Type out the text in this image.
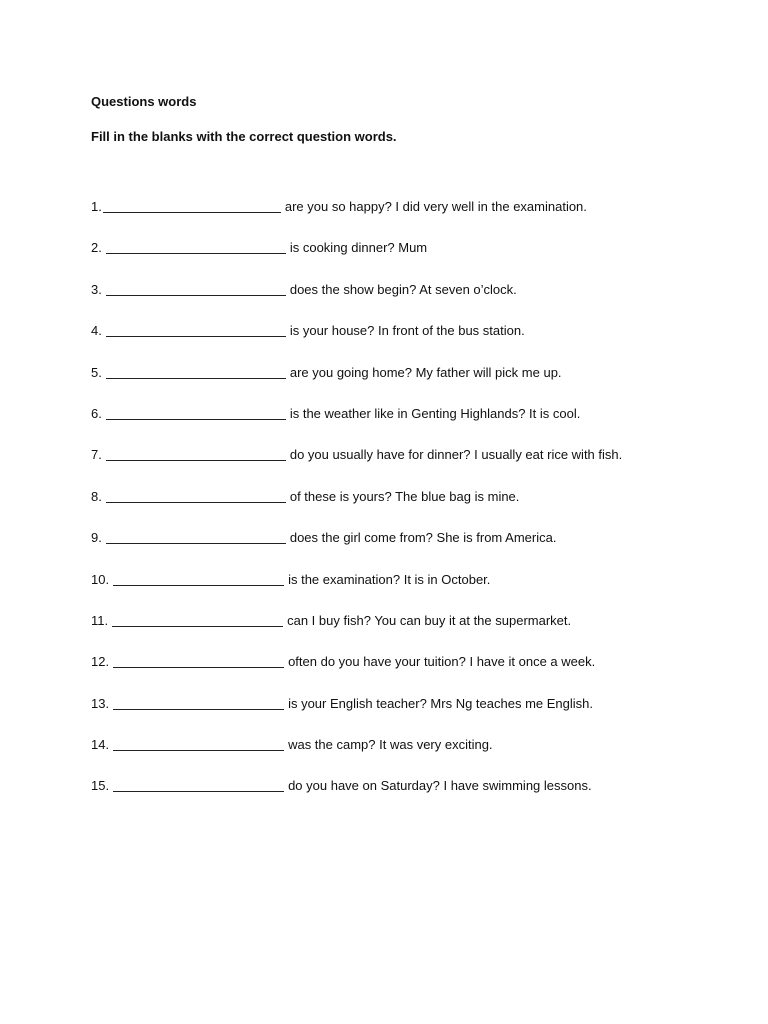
Questions words
Fill in the blanks with the correct question words.
1.	are you so happy? I did very well in the examination.
2.	is cooking dinner? Mum
3.	does the show begin? At seven o’clock.
4.	is your house? In front of the bus station.
5.	are you going home? My father will pick me up.
6.	is the weather like in Genting Highlands? It is cool.
7.	do you usually have for dinner? I usually eat rice with fish.
8.	of these is yours? The blue bag is mine.
9.	does the girl come from? She is from America.
10.	is the examination? It is in October.
11.	can I buy fish? You can buy it at the supermarket.
12.	often do you have your tuition? I have it once a week.
13.	is your English teacher? Mrs Ng teaches me English.
14.	was the camp? It was very exciting.
15.	do you have on Saturday? I have swimming lessons.
